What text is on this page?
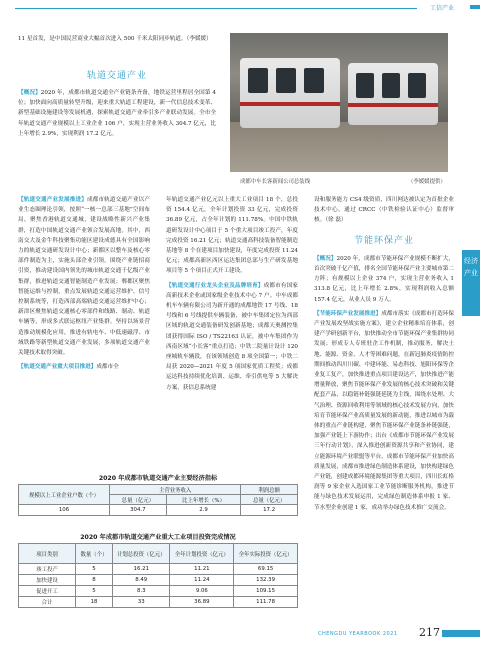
工信产业

11 星首发，是中国民营商业大幅首次进入 500 千米太阳同步轨道。（李媛媛）

轨道交通产业

【概况】2020 年，成都市轨道交通全产业链条齐备，地铁运营里程居全国第 4 位；加快面向高质量转型升级，迎来重大轨道工程建设，新一代信息技术变革、新型基础设施建设等发展机遇，探索轨道交通产业牵引多产业联动发展。全市全年轨道交通产业规模以上工业企业 106 户，实现主营业务收入 304.7 亿元，比上年增长 2.9%，实现利润 17.2 亿元。

成都中车长客新闻公司总装线	（李媛媛提供）

【轨道交通产业发展推进】成都市轨道交通产业以产业生态圈理论引领，按照“一核一总部三基地”空间布局，聚焦香港轨道交通城，建设战略性新兴产业集群，打造中国轨道交通产业领合发展高地。其中，西南交大及金牛科技聚集功能区建设成德具有全国影响力的轨道交通研发设计中心；新都区以整车及核心零部件制造为主，实施头部企业引领，围绕产业链招商引资，推动建设国内领先的城市轨道交通千亿级产业集群，推进轨道交通智能制造产业发展；郫都区聚焦智能运维与控制，重点发展轨道交通运营维护、信号控制系统等，打造西部高端轨道交通运营维护中心；新津区聚焦轨道交通核心零部件和线路、制动、轨道车辆等，形成多式联运枢纽产业集群。坚持以场景营造推动规模化应用，推进有轨电车、中低速磁浮、市域铁路等新型轨道交通产业发展，多项轨道交通产业关键技术取得突破。

【轨道交通产业重大项目推进】成都市全

年轨道交通产业亿元以上重大工业项目 18 个，总投资 154.4 亿元，全年计划投资 33 亿元，完成投资 36.89 亿元，占全年计划的 111.78%。中国中铁轨道研发设计中心项目于 5 个重大项目竣工投产，年度完成投资 16.21 亿元；轨道交通高科技装备智能制造基地等 8 个在建项目加快建设，年度完成投资 11.24 亿元；成都高新区西区运达集团总部与生产研发基地项目等 5 个项目正式开工建设。

【轨道交通行业龙头企业及品牌培育】成都市有国家高新技术企业或国家级企业技术中心 7 户。中车成都机车车辆有限公司为新开通的成都地铁 17 号线、18 号线和 6 号线提供车辆装备，被中车集团定位为西部区域的轨道交通装备研发创新基地；成都天奥测控集团获得国际 ISO / TS22163 认证，被中车集团作为西南区域“小长客”重点打造；中铁二院量计设计 120 座城轨车辆段，在该领域创造 8 项全国第一；中铁二局获 2020—2021 年度 5 项国家优质工程奖；成都运达科技持续优化培训、运维、牵引供电等 5 大解决方案，获信息系统建

设和服务能力 CS4 级资质，四川网达被认定为首批企业技术中心，通过 CRCC（中铁检验认证中心）监督审核。（徐 磊）

节能环保产业

【概况】2020 年，成都市节能环保产业规模不断扩大，首次突破千亿产值，排名全国节能环保产业主要城市第二方阵；有规模以上企业 374 户，实现主营业务收入 1 313.8 亿元，比上年增长 2.8%，实现利润收入总额 157.4 亿元，从业人员 9 万人。

【节能环保产业发展推进】成都市落实《成都市打造环保产业发展攻坚战实施方案》，建立企业精准培育体系，创建产学研创新平台，加快推动全市节能环保产业集群协同发展；形成专人专班驻企工作机制，推动服务，解决土地、能源、资金、人才等困难问题，在新冠肺炎疫情防控期间推动四川川碳、中建环能、易态科技、旭阳环保等企业复工复产，加快推进重点项目建设达产，加快推进产能增量释放，聚焦节能环保产业发展的核心技术突破和关键配套产品，以稳链补链强链延链为主线，围绕水处理、大气治理、资源回收利用等领域的核心技术发展方向，加快培育节能环保产业高质量发展的新动能，推进以城市为载体的重点产业链构建，聚焦节能环保产业链条补链强链，加强产业链上下游协作；出台《成都市节能环保产业发展三年行动计划》，深入推进创新资源共享和产业协同，建立能源环境产业联盟等平台，成都市节能环保产业加快高质量发展，成都市推进绿色制造体系建设，加快构建绿色产业链，创建成都环境能源集团等重大项目，四川长虹格润等 9 家企业入选国家工业节能诊断服务机构，推进节能与绿色技术发展运用，完成绿色制造体系申报 1 家、节水型企业创建 1 家，成功举办绿色技术推广交流会。

经济
产业
2020 年成都市轨道交通产业主要经济指标
规模以上工业企业户数（个）	主营业务收入		利润总额
	总量（亿元）	比上年增长（%）	总量（亿元）
106	304.7	2.9	17.2
2020 年成都市轨道交通产业重大工业项目投资完成情况
项目类别	数量（个）	计划总投资（亿元）	全年计划投资（亿元）	全年实际投资（亿元）
竣工投产	5	16.21	11.21	69.15
加快建设	8	8.49	11.24	132.39
促进开工	5	8.3	9.06	109.15
合计	18	33	36.89	111.78
CHENGDU YEARBOOK 2021 217
